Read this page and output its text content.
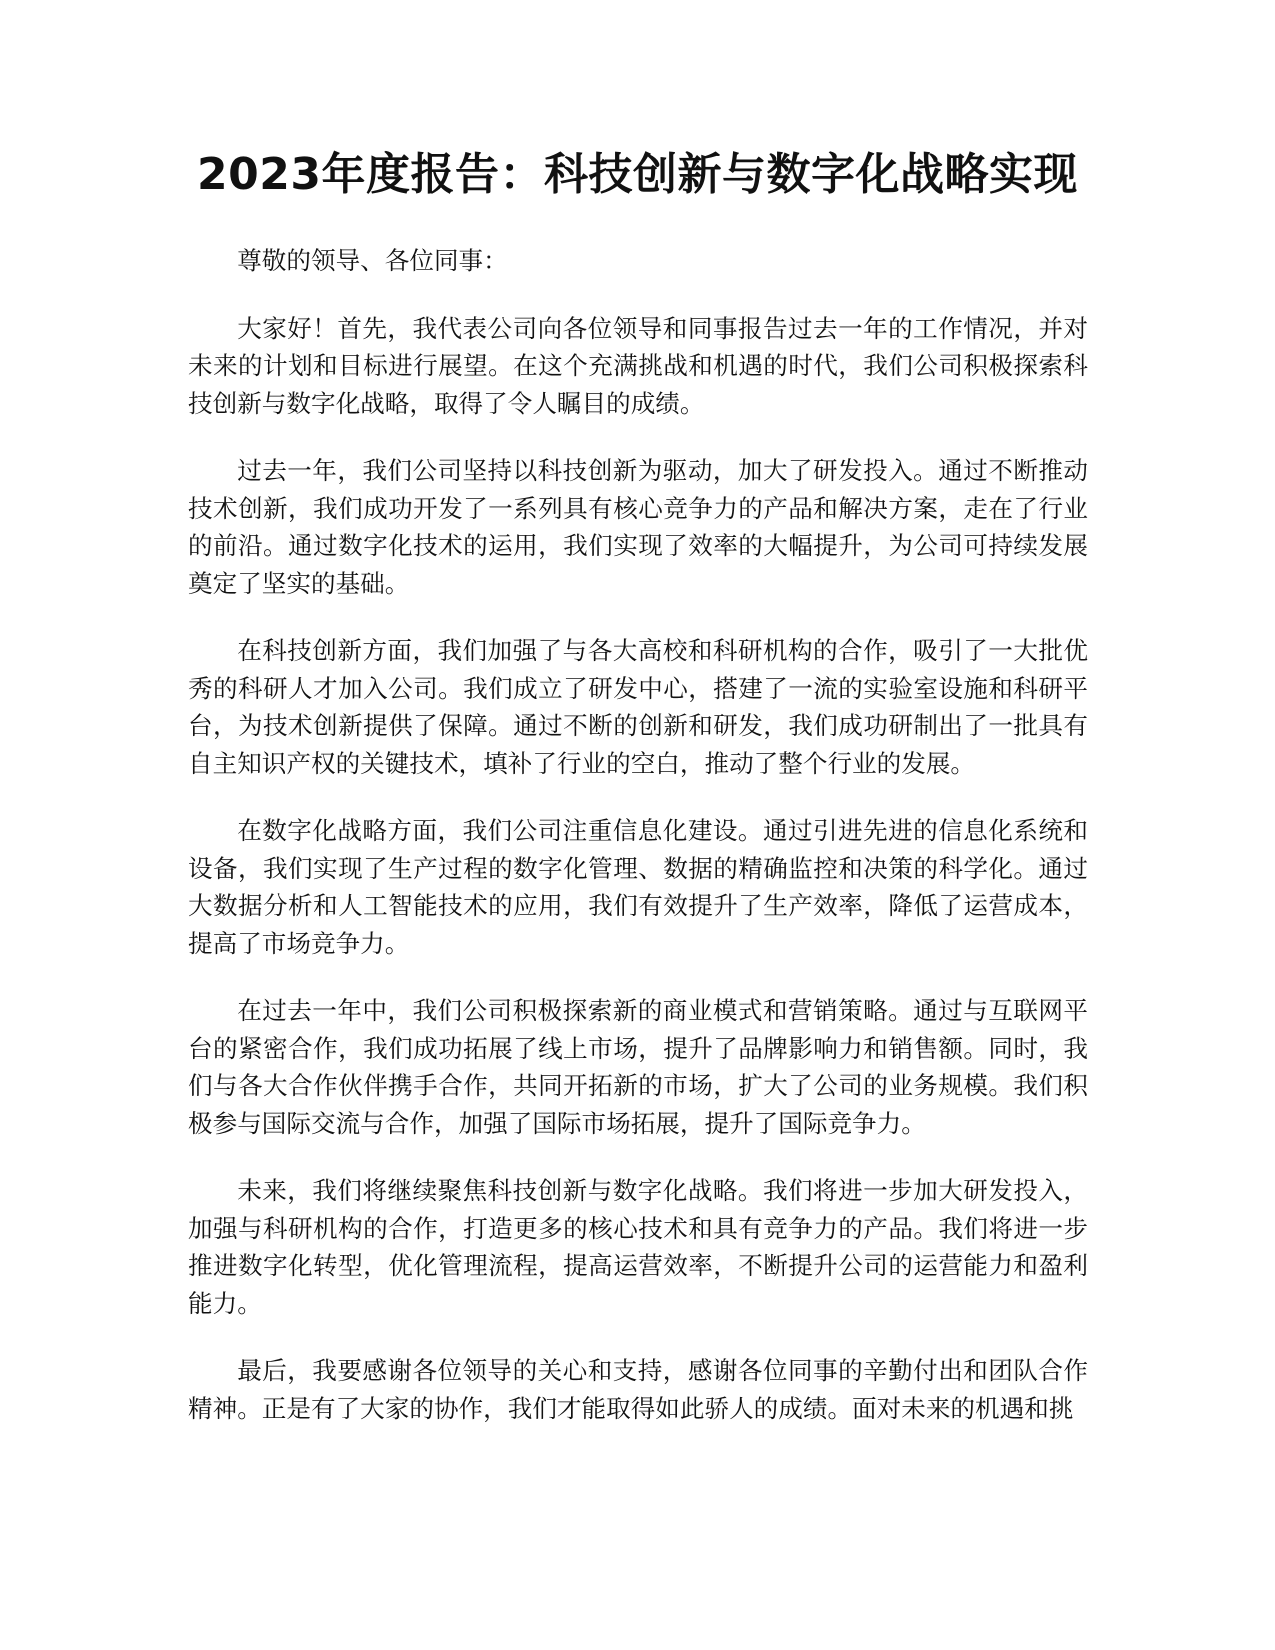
2023年度报告：科技创新与数字化战略实现

尊敬的领导、各位同事：

大家好！首先，我代表公司向各位领导和同事报告过去一年的工作情况，并对未来的计划和目标进行展望。在这个充满挑战和机遇的时代，我们公司积极探索科技创新与数字化战略，取得了令人瞩目的成绩。

过去一年，我们公司坚持以科技创新为驱动，加大了研发投入。通过不断推动技术创新，我们成功开发了一系列具有核心竞争力的产品和解决方案，走在了行业的前沿。通过数字化技术的运用，我们实现了效率的大幅提升，为公司可持续发展奠定了坚实的基础。

在科技创新方面，我们加强了与各大高校和科研机构的合作，吸引了一大批优秀的科研人才加入公司。我们成立了研发中心，搭建了一流的实验室设施和科研平台，为技术创新提供了保障。通过不断的创新和研发，我们成功研制出了一批具有自主知识产权的关键技术，填补了行业的空白，推动了整个行业的发展。

在数字化战略方面，我们公司注重信息化建设。通过引进先进的信息化系统和设备，我们实现了生产过程的数字化管理、数据的精确监控和决策的科学化。通过大数据分析和人工智能技术的应用，我们有效提升了生产效率，降低了运营成本，提高了市场竞争力。

在过去一年中，我们公司积极探索新的商业模式和营销策略。通过与互联网平台的紧密合作，我们成功拓展了线上市场，提升了品牌影响力和销售额。同时，我们与各大合作伙伴携手合作，共同开拓新的市场，扩大了公司的业务规模。我们积极参与国际交流与合作，加强了国际市场拓展，提升了国际竞争力。

未来，我们将继续聚焦科技创新与数字化战略。我们将进一步加大研发投入，加强与科研机构的合作，打造更多的核心技术和具有竞争力的产品。我们将进一步推进数字化转型，优化管理流程，提高运营效率，不断提升公司的运营能力和盈利能力。

最后，我要感谢各位领导的关心和支持，感谢各位同事的辛勤付出和团队合作精神。正是有了大家的协作，我们才能取得如此骄人的成绩。面对未来的机遇和挑
